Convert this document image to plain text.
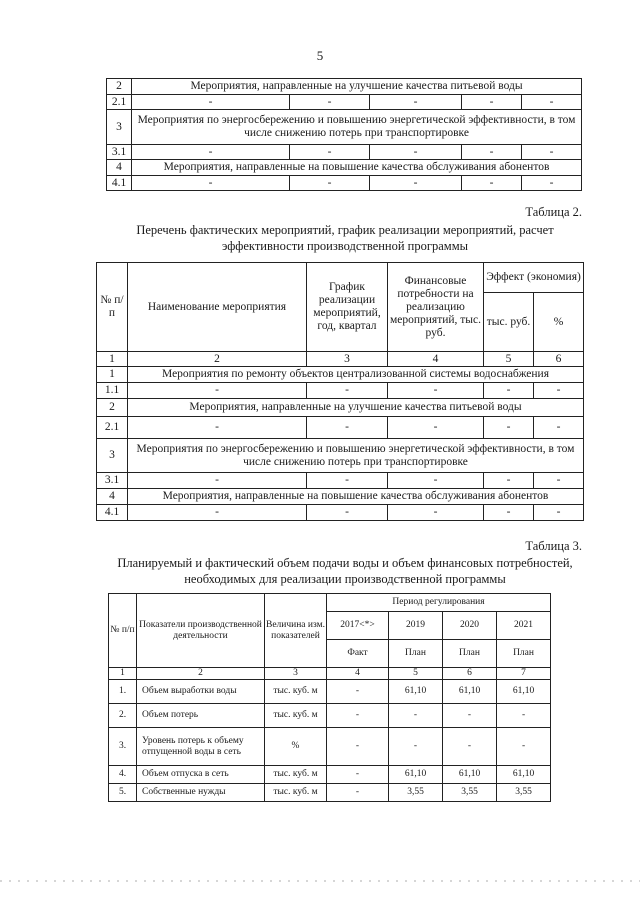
5
2	Мероприятия, направленные на улучшение качества питьевой воды				
2.1	-	-	-	-	-
3	Мероприятия по энергосбережению и повышению энергетической эффективности, в том числе снижению потерь при транспортировке				
3.1	-	-	-	-	-
4	Мероприятия, направленные на повышение качества обслуживания абонентов				
4.1	-	-	-	-	-
Таблица 2.
Перечень фактических мероприятий, график реализации мероприятий, расчет эффективности производственной программы
№ п/ п	Наименование мероприятия	График реализации мероприятий, год, квартал	Финансовые потребности на реализацию мероприятий, тыс. руб.	Эффект (экономия)	
				тыс. руб.	%
1	2	3	4	5	6
1	Мероприятия по ремонту объектов централизованной системы водоснабжения				
1.1	-	-	-	-	-
2	Мероприятия, направленные на улучшение качества питьевой воды				
2.1	-	-	-	-	-
3	Мероприятия по энергосбережению и повышению энергетической эффективности, в том числе снижению потерь при транспортировке				
3.1	-	-	-	-	-
4	Мероприятия, направленные на повышение качества обслуживания абонентов				
4.1	-	-	-	-	-
Таблица 3.
Планируемый и фактический объем подачи воды и объем финансовых потребностей, необходимых для реализации производственной программы
№ п/п	Показатели производственной деятельности	Величина изм. показателей	Период регулирования			
			2017<*>	2019	2020	2021
			Факт	План	План	План
1	2	3	4	5	6	7
1.	Объем выработки воды	тыс. куб. м	-	61,10	61,10	61,10
2.	Объем потерь	тыс. куб. м	-	-	-	-
3.	Уровень потерь к объему отпущенной воды в сеть	%	-	-	-	-
4.	Объем отпуска в сеть	тыс. куб. м	-	61,10	61,10	61,10
5.	Собственные нужды	тыс. куб. м	-	3,55	3,55	3,55
